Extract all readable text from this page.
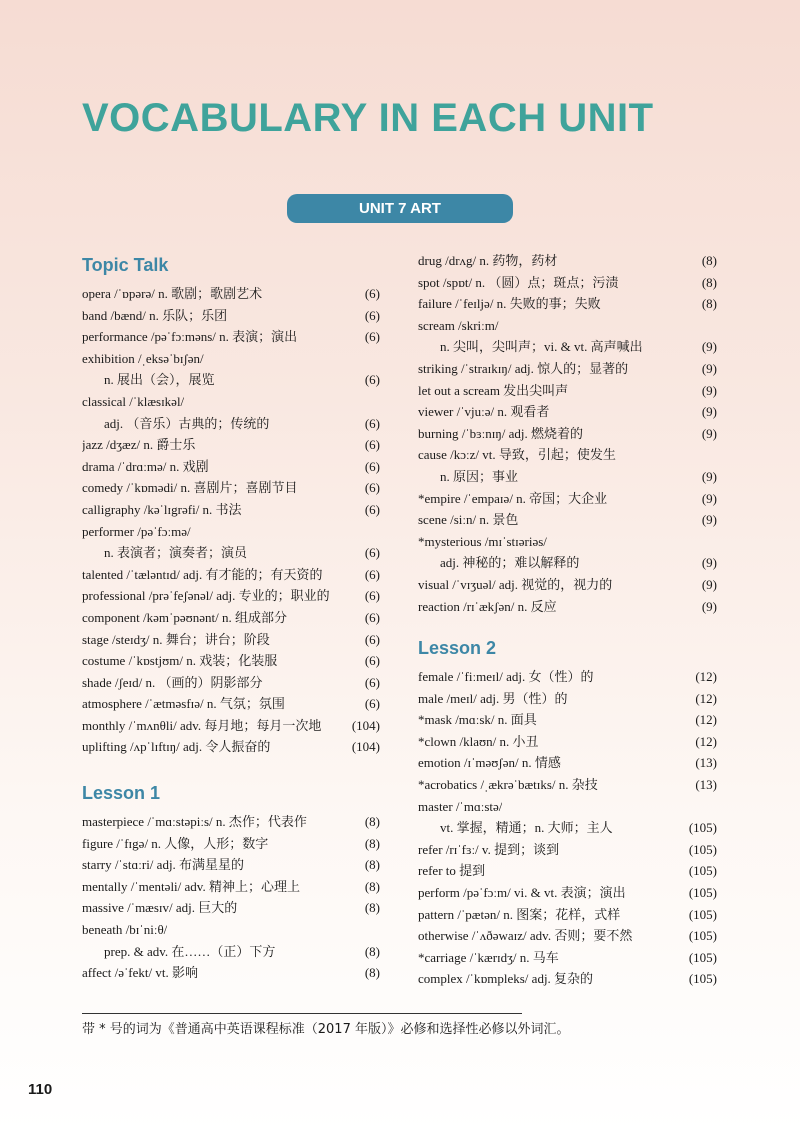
VOCABULARY IN EACH UNIT
UNIT 7 ART
Topic Talk
opera /ˈɒpərə/ n. 歌剧；歌剧艺术	(6)
band /bænd/ n. 乐队；乐团	(6)
performance /pəˈfɔːməns/ n. 表演；演出	(6)
exhibition /ˌeksəˈbɪʃən/
n. 展出（会），展览	(6)
classical /ˈklæsɪkəl/
adj. （音乐）古典的；传统的	(6)
jazz /dʒæz/ n. 爵士乐	(6)
drama /ˈdrɑːmə/ n. 戏剧	(6)
comedy /ˈkɒmədi/ n. 喜剧片；喜剧节目	(6)
calligraphy /kəˈlɪgrəfi/ n. 书法	(6)
performer /pəˈfɔːmə/
n. 表演者；演奏者；演员	(6)
talented /ˈtæləntɪd/ adj. 有才能的；有天资的	(6)
professional /prəˈfeʃənəl/ adj. 专业的；职业的	(6)
component /kəmˈpəʊnənt/ n. 组成部分	(6)
stage /steɪdʒ/ n. 舞台；讲台；阶段	(6)
costume /ˈkɒstjʊm/ n. 戏装；化装服	(6)
shade /ʃeɪd/ n. （画的）阴影部分	(6)
atmosphere /ˈætməsfɪə/ n. 气氛；氛围	(6)
monthly /ˈmʌnθli/ adv. 每月地；每月一次地	(104)
uplifting /ʌpˈlɪftɪŋ/ adj. 令人振奋的	(104)
Lesson 1
masterpiece /ˈmɑːstəpiːs/ n. 杰作；代表作	(8)
figure /ˈfɪgə/ n. 人像，人形；数字	(8)
starry /ˈstɑːri/ adj. 布满星星的	(8)
mentally /ˈmentəli/ adv. 精神上；心理上	(8)
massive /ˈmæsɪv/ adj. 巨大的	(8)
beneath /bɪˈniːθ/
prep. & adv. 在……（正）下方	(8)
affect /əˈfekt/ vt. 影响	(8)
drug /drʌg/ n. 药物，药材	(8)
spot /spɒt/ n. （圆）点；斑点；污渍	(8)
failure /ˈfeɪljə/ n. 失败的事；失败	(8)
scream /skriːm/
n. 尖叫，尖叫声；vi. & vt. 高声喊出	(9)
striking /ˈstraɪkɪŋ/ adj. 惊人的；显著的	(9)
let out a scream 发出尖叫声	(9)
viewer /ˈvjuːə/ n. 观看者	(9)
burning /ˈbɜːnɪŋ/ adj. 燃烧着的	(9)
cause /kɔːz/ vt. 导致，引起；使发生
n. 原因；事业	(9)
*empire /ˈempaɪə/ n. 帝国；大企业	(9)
scene /siːn/ n. 景色	(9)
*mysterious /mɪˈstɪəriəs/
adj. 神秘的；难以解释的	(9)
visual /ˈvɪʒuəl/ adj. 视觉的，视力的	(9)
reaction /rɪˈækʃən/ n. 反应	(9)
Lesson 2
female /ˈfiːmeɪl/ adj. 女（性）的	(12)
male /meɪl/ adj. 男（性）的	(12)
*mask /mɑːsk/ n. 面具	(12)
*clown /klaʊn/ n. 小丑	(12)
emotion /ɪˈməʊʃən/ n. 情感	(13)
*acrobatics /ˌækrəˈbætɪks/ n. 杂技	(13)
master /ˈmɑːstə/
vt. 掌握，精通；n. 大师；主人	(105)
refer /rɪˈfɜː/ v. 提到；谈到	(105)
refer to 提到	(105)
perform /pəˈfɔːm/ vi. & vt. 表演；演出	(105)
pattern /ˈpætən/ n. 图案；花样，式样	(105)
otherwise /ˈʌðəwaɪz/ adv. 否则；要不然	(105)
*carriage /ˈkærɪdʒ/ n. 马车	(105)
complex /ˈkɒmpleks/ adj. 复杂的	(105)
带 * 号的词为《普通高中英语课程标准（2017 年版）》必修和选择性必修以外词汇。
110
